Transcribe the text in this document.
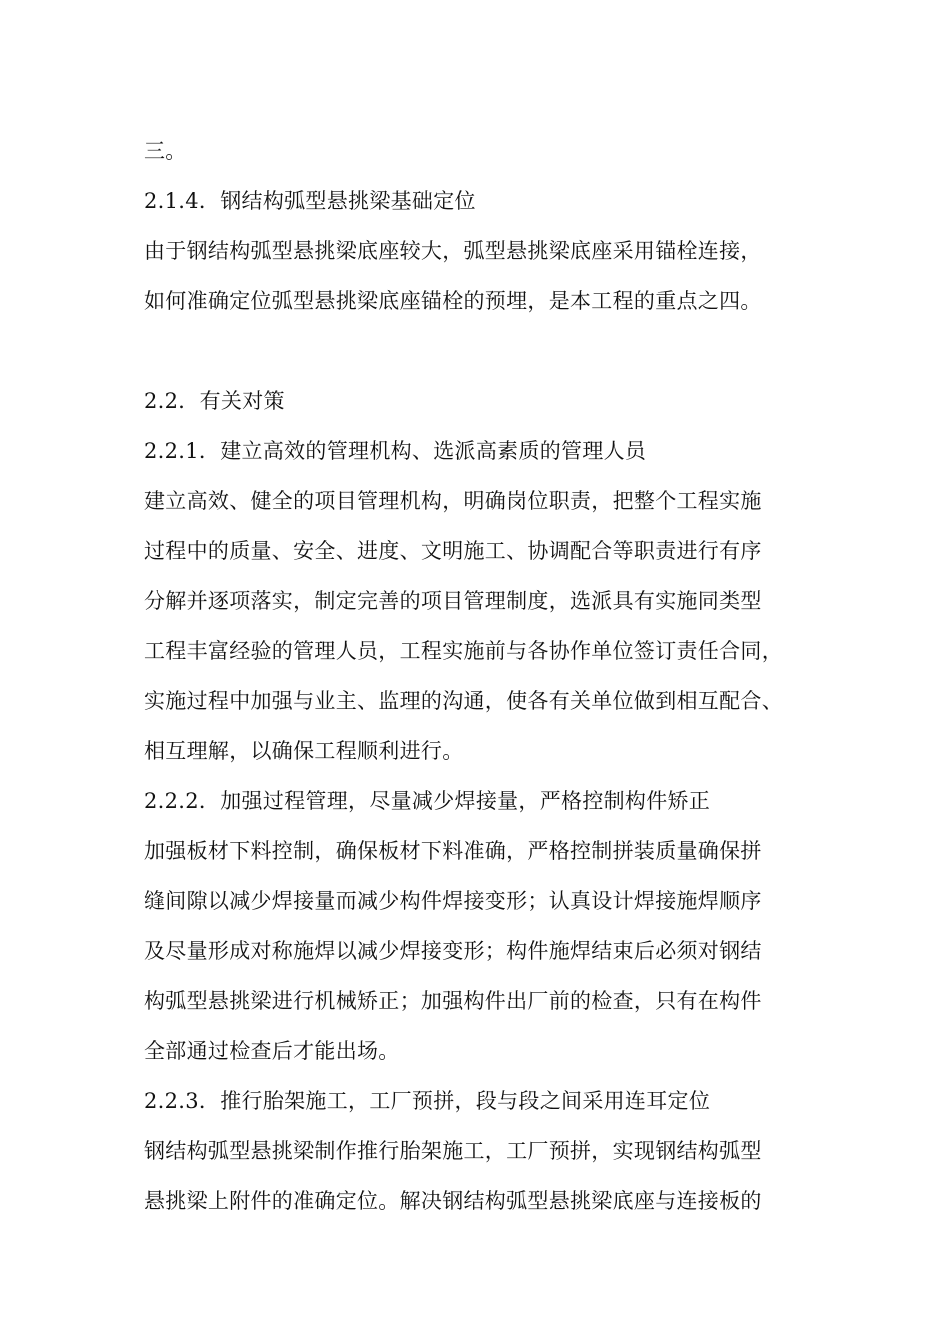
三。
2.1.4．钢结构弧型悬挑梁基础定位
由于钢结构弧型悬挑梁底座较大，弧型悬挑梁底座采用锚栓连接，
如何准确定位弧型悬挑梁底座锚栓的预埋，是本工程的重点之四。
2.2．有关对策
2.2.1．建立高效的管理机构、选派高素质的管理人员
建立高效、健全的项目管理机构，明确岗位职责，把整个工程实施
过程中的质量、安全、进度、文明施工、协调配合等职责进行有序
分解并逐项落实，制定完善的项目管理制度，选派具有实施同类型
工程丰富经验的管理人员，工程实施前与各协作单位签订责任合同，
实施过程中加强与业主、监理的沟通，使各有关单位做到相互配合、
相互理解，以确保工程顺利进行。
2.2.2．加强过程管理，尽量减少焊接量，严格控制构件矫正
加强板材下料控制，确保板材下料准确，严格控制拼装质量确保拼
缝间隙以减少焊接量而减少构件焊接变形；认真设计焊接施焊顺序
及尽量形成对称施焊以减少焊接变形；构件施焊结束后必须对钢结
构弧型悬挑梁进行机械矫正；加强构件出厂前的检查，只有在构件
全部通过检查后才能出场。
2.2.3．推行胎架施工，工厂预拼，段与段之间采用连耳定位
钢结构弧型悬挑梁制作推行胎架施工，工厂预拼，实现钢结构弧型
悬挑梁上附件的准确定位。解决钢结构弧型悬挑梁底座与连接板的
